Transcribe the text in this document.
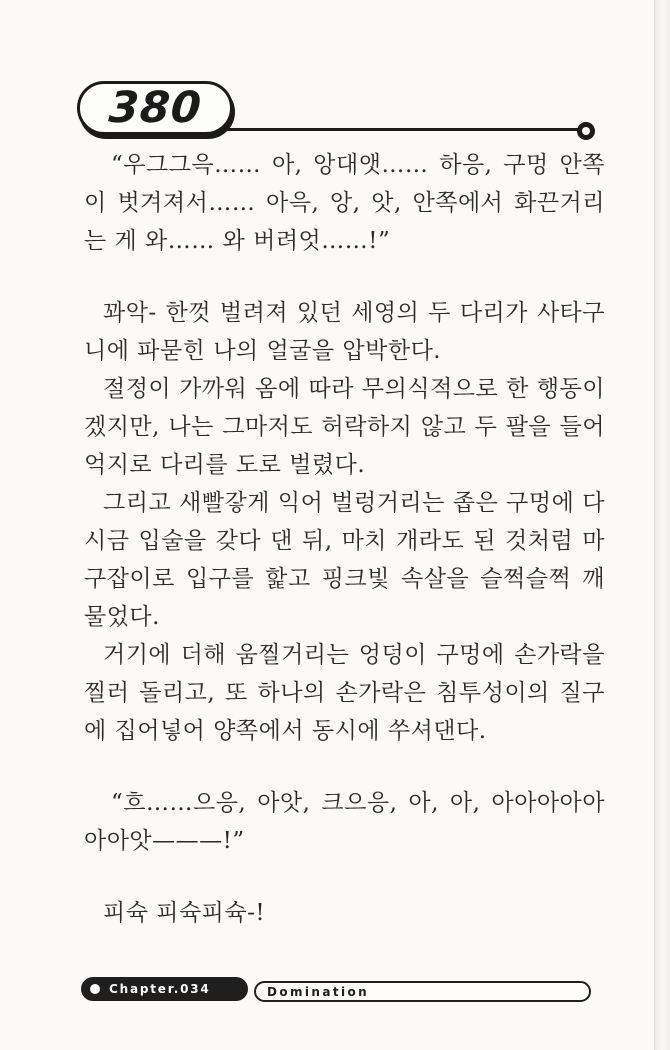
380

“우그그윽…… 아, 앙대앳…… 하응, 구멍 안쪽이 벗겨져서…… 아윽, 앙, 앗, 안쪽에서 화끈거리는 게 와…… 와 버려엇……!”

꽈악- 한껏 벌려져 있던 세영의 두 다리가 사타구니에 파묻힌 나의 얼굴을 압박한다.

절정이 가까워 옴에 따라 무의식적으로 한 행동이겠지만, 나는 그마저도 허락하지 않고 두 팔을 들어 억지로 다리를 도로 벌렸다.

그리고 새빨갛게 익어 벌렁거리는 좁은 구멍에 다시금 입술을 갖다 댄 뒤, 마치 개라도 된 것처럼 마구잡이로 입구를 핥고 핑크빛 속살을 슬쩍슬쩍 깨물었다.

거기에 더해 움찔거리는 엉덩이 구멍에 손가락을 찔러 돌리고, 또 하나의 손가락은 침투성이의 질구에 집어넣어 양쪽에서 동시에 쑤셔댄다.

“흐……으응, 아앗, 크으응, 아, 아, 아아아아아아아앗———!”

피슉 피슉피슉-!

Chapter.034	Domination
